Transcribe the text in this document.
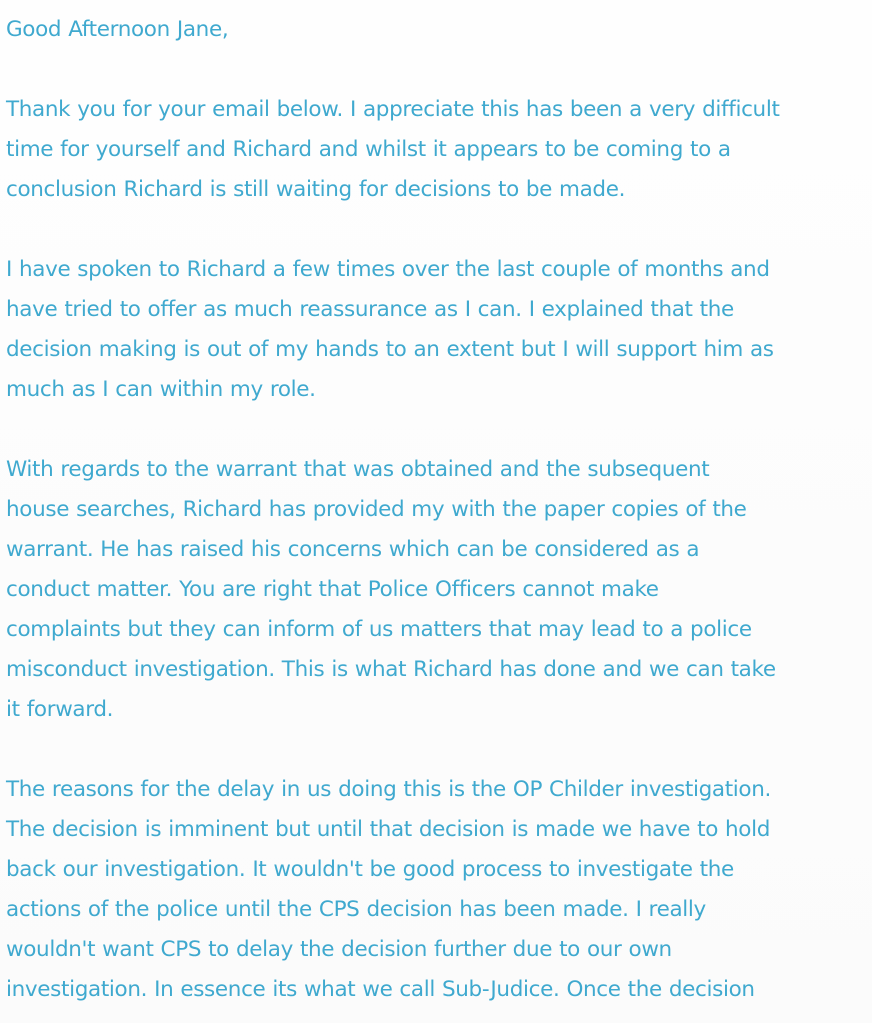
Good Afternoon Jane,
Thank you for your email below. I appreciate this has been a very difficult
time for yourself and Richard and whilst it appears to be coming to a
conclusion Richard is still waiting for decisions to be made.
I have spoken to Richard a few times over the last couple of months and
have tried to offer as much reassurance as I can. I explained that the
decision making is out of my hands to an extent but I will support him as
much as I can within my role.
With regards to the warrant that was obtained and the subsequent
house searches, Richard has provided my with the paper copies of the
warrant. He has raised his concerns which can be considered as a
conduct matter. You are right that Police Officers cannot make
complaints but they can inform of us matters that may lead to a police
misconduct investigation. This is what Richard has done and we can take
it forward.
The reasons for the delay in us doing this is the OP Childer investigation.
The decision is imminent but until that decision is made we have to hold
back our investigation. It wouldn't be good process to investigate the
actions of the police until the CPS decision has been made. I really
wouldn't want CPS to delay the decision further due to our own
investigation. In essence its what we call Sub-Judice. Once the decision
